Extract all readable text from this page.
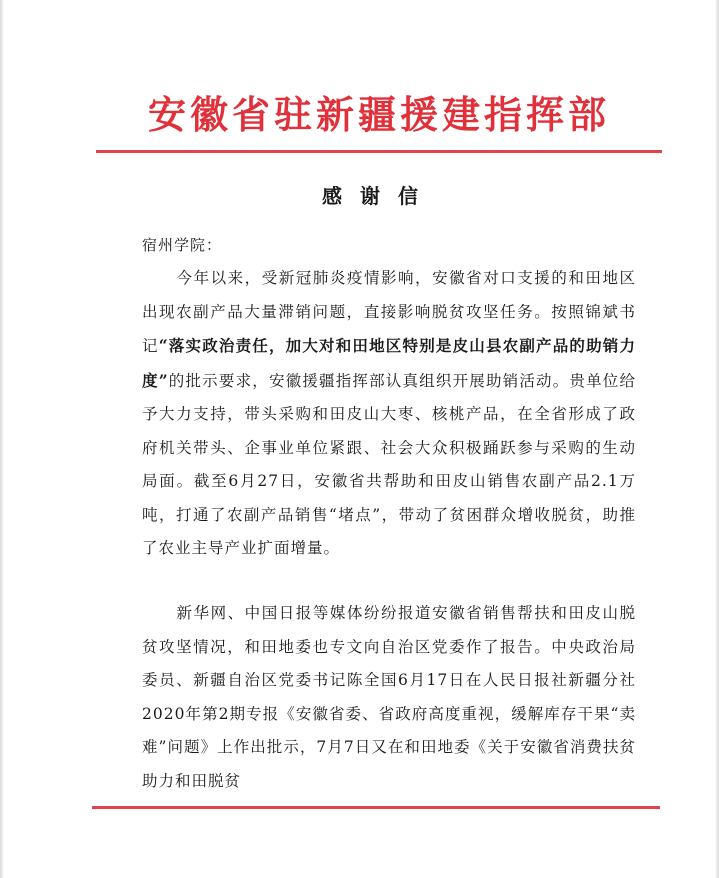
安徽省驻新疆援建指挥部
感谢信
宿州学院：

今年以来，受新冠肺炎疫情影响，安徽省对口支援的和田地区出现农副产品大量滞销问题，直接影响脱贫攻坚任务。按照锦斌书记“落实政治责任，加大对和田地区特别是皮山县农副产品的助销力度”的批示要求，安徽援疆指挥部认真组织开展助销活动。贵单位给予大力支持，带头采购和田皮山大枣、核桃产品，在全省形成了政府机关带头、企事业单位紧跟、社会大众积极踊跃参与采购的生动局面。截至6月27日，安徽省共帮助和田皮山销售农副产品2.1万吨，打通了农副产品销售“堵点”，带动了贫困群众增收脱贫，助推了农业主导产业扩面增量。

新华网、中国日报等媒体纷纷报道安徽省销售帮扶和田皮山脱贫攻坚情况，和田地委也专文向自治区党委作了报告。中央政治局委员、新疆自治区党委书记陈全国6月17日在人民日报社新疆分社2020年第2期专报《安徽省委、省政府高度重视，缓解库存干果“卖难”问题》上作出批示，7月7日又在和田地委《关于安徽省消费扶贫助力和田脱贫
